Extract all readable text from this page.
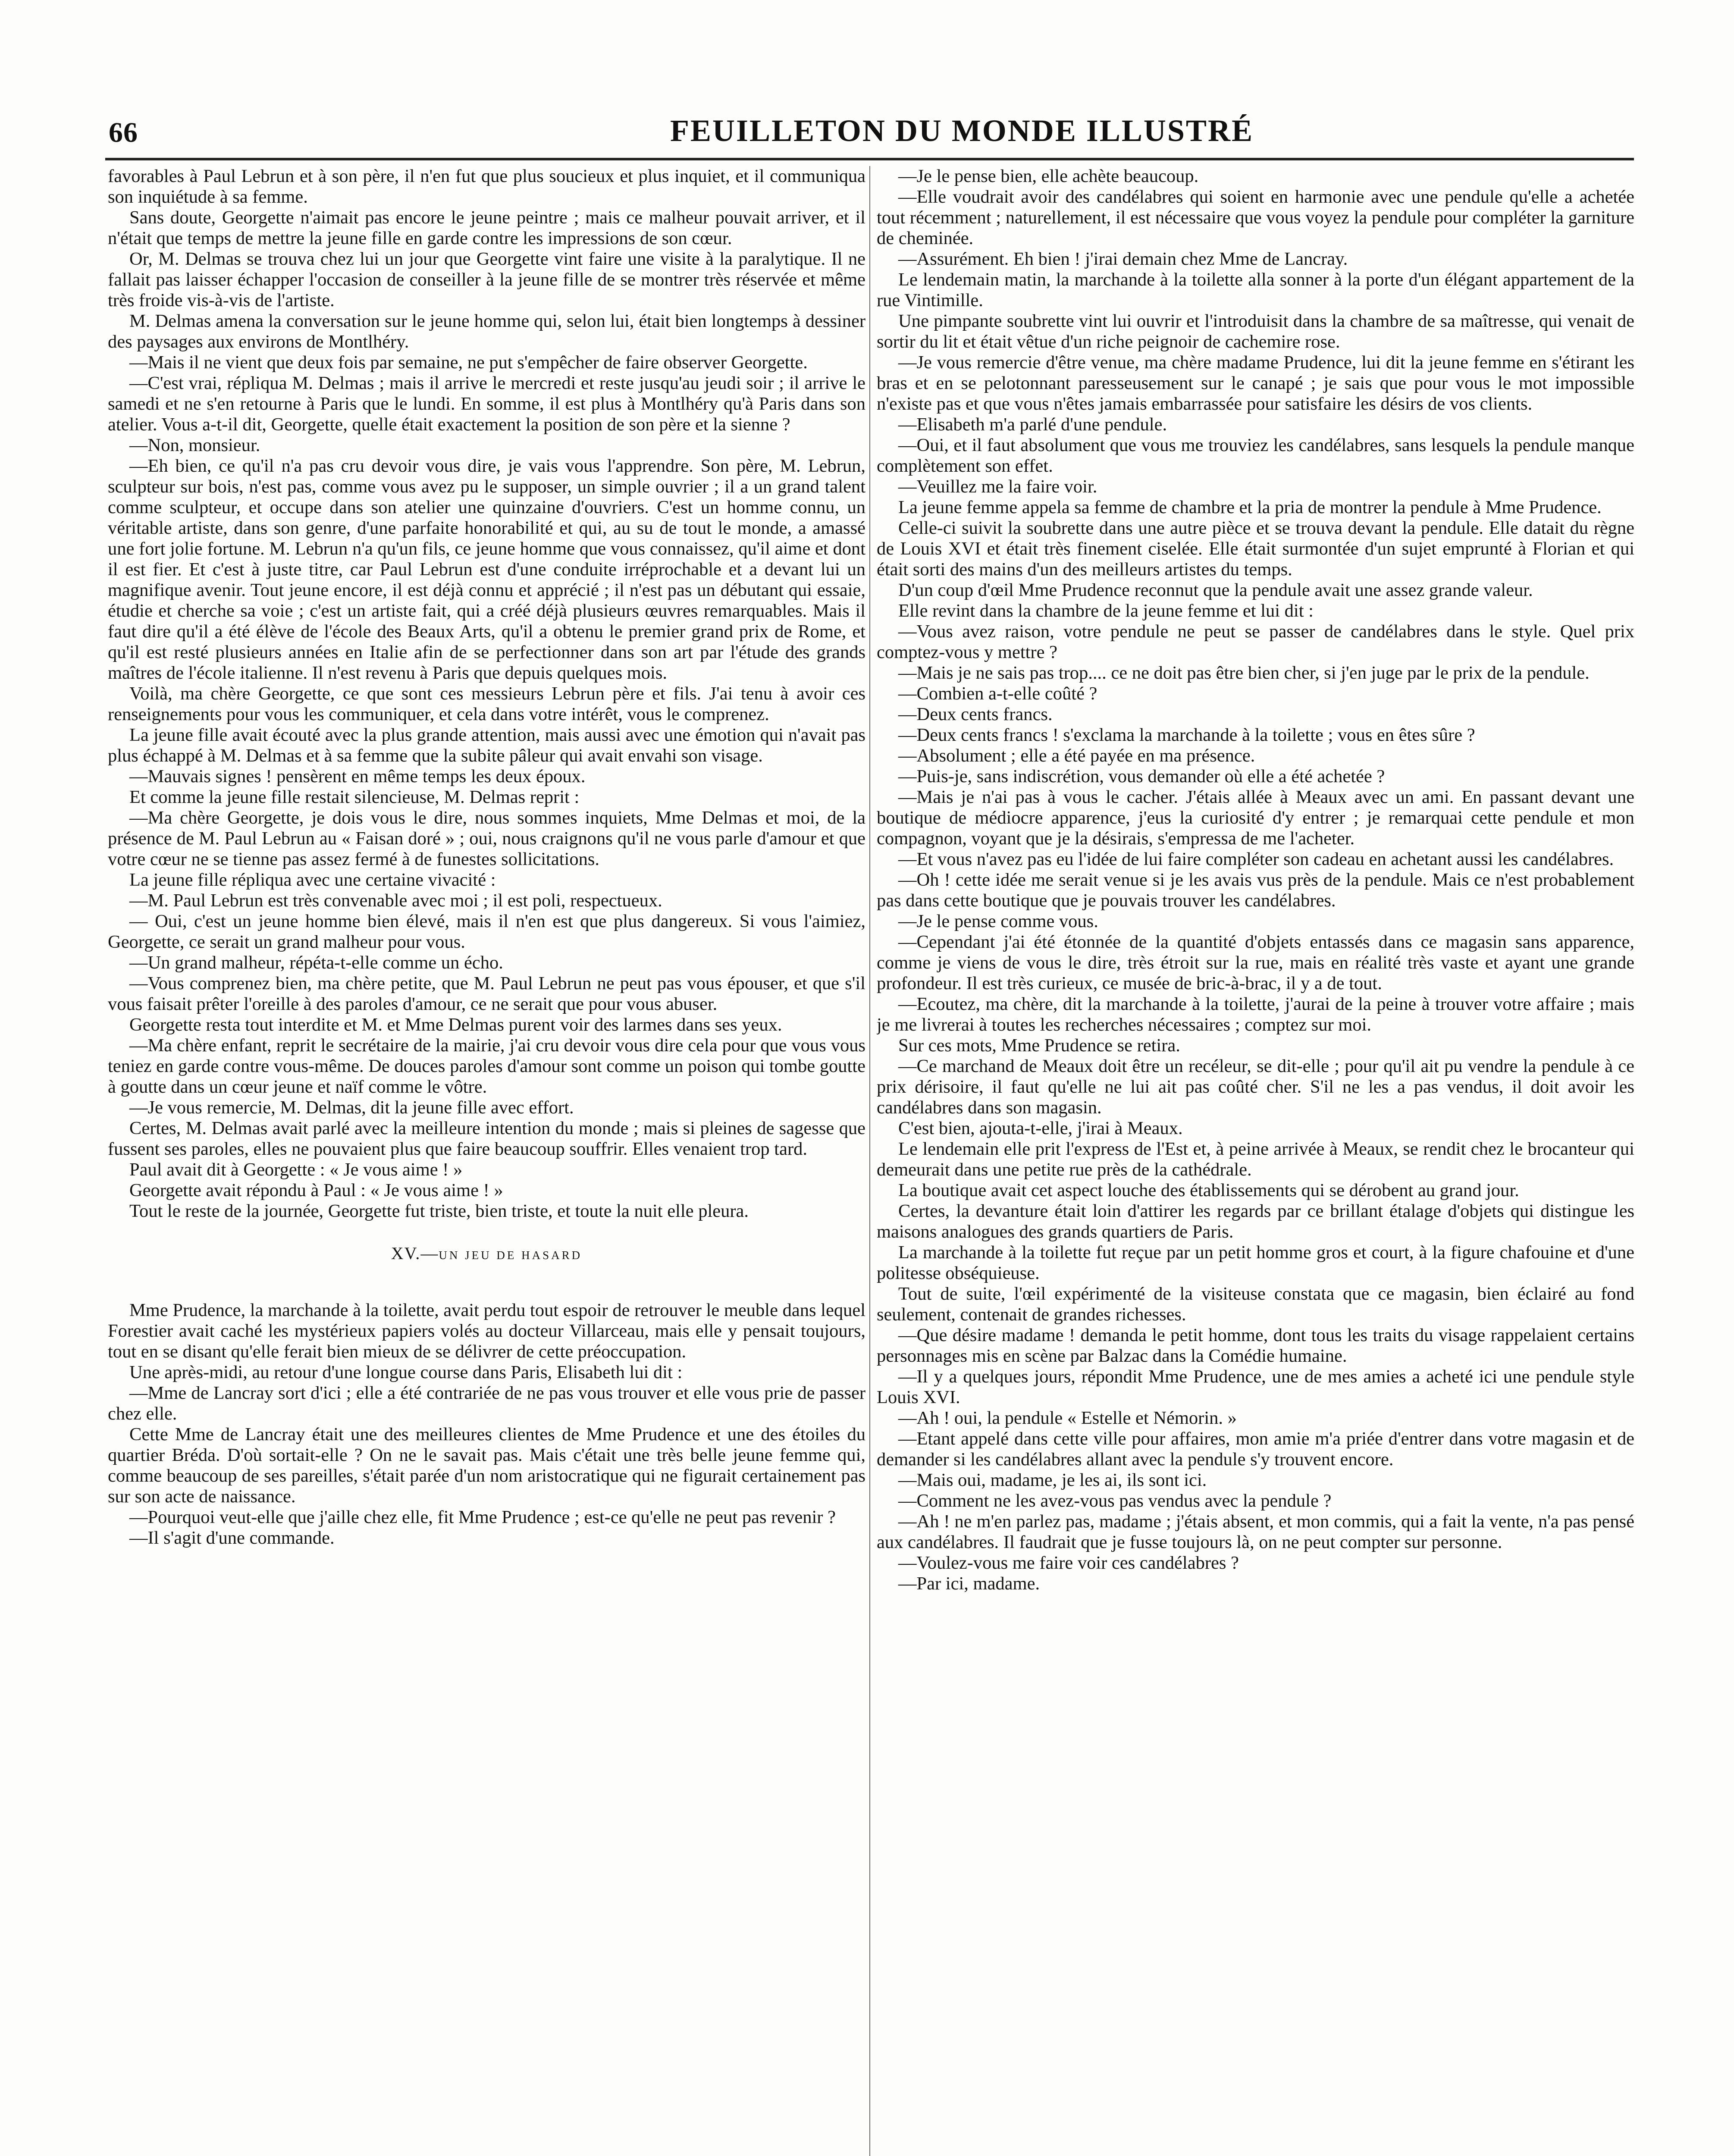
66	FEUILLETON DU MONDE ILLUSTRÉ

favorables à Paul Lebrun et à son père, il n'en fut que plus soucieux et plus inquiet, et il communiqua son inquiétude à sa femme.

Sans doute, Georgette n'aimait pas encore le jeune peintre ; mais ce malheur pouvait arriver, et il n'était que temps de mettre la jeune fille en garde contre les impressions de son cœur.

Or, M. Delmas se trouva chez lui un jour que Georgette vint faire une visite à la paralytique. Il ne fallait pas laisser échapper l'occasion de conseiller à la jeune fille de se montrer très réservée et même très froide vis-à-vis de l'artiste.

M. Delmas amena la conversation sur le jeune homme qui, selon lui, était bien longtemps à dessiner des paysages aux environs de Montlhéry.

—Mais il ne vient que deux fois par semaine, ne put s'empêcher de faire observer Georgette.

—C'est vrai, répliqua M. Delmas ; mais il arrive le mercredi et reste jusqu'au jeudi soir ; il arrive le samedi et ne s'en retourne à Paris que le lundi. En somme, il est plus à Montlhéry qu'à Paris dans son atelier. Vous a-t-il dit, Georgette, quelle était exactement la position de son père et la sienne ?

—Non, monsieur.

—Eh bien, ce qu'il n'a pas cru devoir vous dire, je vais vous l'apprendre. Son père, M. Lebrun, sculpteur sur bois, n'est pas, comme vous avez pu le supposer, un simple ouvrier ; il a un grand talent comme sculpteur, et occupe dans son atelier une quinzaine d'ouvriers. C'est un homme connu, un véritable artiste, dans son genre, d'une parfaite honorabilité et qui, au su de tout le monde, a amassé une fort jolie fortune. M. Lebrun n'a qu'un fils, ce jeune homme que vous connaissez, qu'il aime et dont il est fier. Et c'est à juste titre, car Paul Lebrun est d'une conduite irréprochable et a devant lui un magnifique avenir. Tout jeune encore, il est déjà connu et apprécié ; il n'est pas un débutant qui essaie, étudie et cherche sa voie ; c'est un artiste fait, qui a créé déjà plusieurs œuvres remarquables. Mais il faut dire qu'il a été élève de l'école des Beaux Arts, qu'il a obtenu le premier grand prix de Rome, et qu'il est resté plusieurs années en Italie afin de se perfectionner dans son art par l'étude des grands maîtres de l'école italienne. Il n'est revenu à Paris que depuis quelques mois.

Voilà, ma chère Georgette, ce que sont ces messieurs Lebrun père et fils. J'ai tenu à avoir ces renseignements pour vous les communiquer, et cela dans votre intérêt, vous le comprenez.

La jeune fille avait écouté avec la plus grande attention, mais aussi avec une émotion qui n'avait pas plus échappé à M. Delmas et à sa femme que la subite pâleur qui avait envahi son visage.

—Mauvais signes ! pensèrent en même temps les deux époux.

Et comme la jeune fille restait silencieuse, M. Delmas reprit :

—Ma chère Georgette, je dois vous le dire, nous sommes inquiets, Mme Delmas et moi, de la présence de M. Paul Lebrun au « Faisan doré » ; oui, nous craignons qu'il ne vous parle d'amour et que votre cœur ne se tienne pas assez fermé à de funestes sollicitations.

La jeune fille répliqua avec une certaine vivacité :

—M. Paul Lebrun est très convenable avec moi ; il est poli, respectueux.

— Oui, c'est un jeune homme bien élevé, mais il n'en est que plus dangereux. Si vous l'aimiez, Georgette, ce serait un grand malheur pour vous.

—Un grand malheur, répéta-t-elle comme un écho.

—Vous comprenez bien, ma chère petite, que M. Paul Lebrun ne peut pas vous épouser, et que s'il vous faisait prêter l'oreille à des paroles d'amour, ce ne serait que pour vous abuser.

Georgette resta tout interdite et M. et Mme Delmas purent voir des larmes dans ses yeux.

—Ma chère enfant, reprit le secrétaire de la mairie, j'ai cru devoir vous dire cela pour que vous vous teniez en garde contre vous-même. De douces paroles d'amour sont comme un poison qui tombe goutte à goutte dans un cœur jeune et naïf comme le vôtre.

—Je vous remercie, M. Delmas, dit la jeune fille avec effort.

Certes, M. Delmas avait parlé avec la meilleure intention du monde ; mais si pleines de sagesse que fussent ses paroles, elles ne pouvaient plus que faire beaucoup souffrir. Elles venaient trop tard.

Paul avait dit à Georgette : « Je vous aime ! »

Georgette avait répondu à Paul : « Je vous aime ! »

Tout le reste de la journée, Georgette fut triste, bien triste, et toute la nuit elle pleura.

XV.—UN JEU DE HASARD

Mme Prudence, la marchande à la toilette, avait perdu tout espoir de retrouver le meuble dans lequel Forestier avait caché les mystérieux papiers volés au docteur Villarceau, mais elle y pensait toujours, tout en se disant qu'elle ferait bien mieux de se délivrer de cette préoccupation.

Une après-midi, au retour d'une longue course dans Paris, Elisabeth lui dit :

—Mme de Lancray sort d'ici ; elle a été contrariée de ne pas vous trouver et elle vous prie de passer chez elle.

Cette Mme de Lancray était une des meilleures clientes de Mme Prudence et une des étoiles du quartier Bréda. D'où sortait-elle ? On ne le savait pas. Mais c'était une très belle jeune femme qui, comme beaucoup de ses pareilles, s'était parée d'un nom aristocratique qui ne figurait certainement pas sur son acte de naissance.

—Pourquoi veut-elle que j'aille chez elle, fit Mme Prudence ; est-ce qu'elle ne peut pas revenir ?

—Il s'agit d'une commande.

—Je le pense bien, elle achète beaucoup.

—Elle voudrait avoir des candélabres qui soient en harmonie avec une pendule qu'elle a achetée tout récemment ; naturellement, il est nécessaire que vous voyez la pendule pour compléter la garniture de cheminée.

—Assurément. Eh bien ! j'irai demain chez Mme de Lancray.

Le lendemain matin, la marchande à la toilette alla sonner à la porte d'un élégant appartement de la rue Vintimille.

Une pimpante soubrette vint lui ouvrir et l'introduisit dans la chambre de sa maîtresse, qui venait de sortir du lit et était vêtue d'un riche peignoir de cachemire rose.

—Je vous remercie d'être venue, ma chère madame Prudence, lui dit la jeune femme en s'étirant les bras et en se pelotonnant paresseusement sur le canapé ; je sais que pour vous le mot impossible n'existe pas et que vous n'êtes jamais embarrassée pour satisfaire les désirs de vos clients.

—Elisabeth m'a parlé d'une pendule.

—Oui, et il faut absolument que vous me trouviez les candélabres, sans lesquels la pendule manque complètement son effet.

—Veuillez me la faire voir.

La jeune femme appela sa femme de chambre et la pria de montrer la pendule à Mme Prudence.

Celle-ci suivit la soubrette dans une autre pièce et se trouva devant la pendule. Elle datait du règne de Louis XVI et était très finement ciselée. Elle était surmontée d'un sujet emprunté à Florian et qui était sorti des mains d'un des meilleurs artistes du temps.

D'un coup d'œil Mme Prudence reconnut que la pendule avait une assez grande valeur.

Elle revint dans la chambre de la jeune femme et lui dit :

—Vous avez raison, votre pendule ne peut se passer de candélabres dans le style. Quel prix comptez-vous y mettre ?

—Mais je ne sais pas trop.... ce ne doit pas être bien cher, si j'en juge par le prix de la pendule.

—Combien a-t-elle coûté ?

—Deux cents francs.

—Deux cents francs ! s'exclama la marchande à la toilette ; vous en êtes sûre ?

—Absolument ; elle a été payée en ma présence.

—Puis-je, sans indiscrétion, vous demander où elle a été achetée ?

—Mais je n'ai pas à vous le cacher. J'étais allée à Meaux avec un ami. En passant devant une boutique de médiocre apparence, j'eus la curiosité d'y entrer ; je remarquai cette pendule et mon compagnon, voyant que je la désirais, s'empressa de me l'acheter.

—Et vous n'avez pas eu l'idée de lui faire compléter son cadeau en achetant aussi les candélabres.

—Oh ! cette idée me serait venue si je les avais vus près de la pendule. Mais ce n'est probablement pas dans cette boutique que je pouvais trouver les candélabres.

—Je le pense comme vous.

—Cependant j'ai été étonnée de la quantité d'objets entassés dans ce magasin sans apparence, comme je viens de vous le dire, très étroit sur la rue, mais en réalité très vaste et ayant une grande profondeur. Il est très curieux, ce musée de bric-à-brac, il y a de tout.

—Ecoutez, ma chère, dit la marchande à la toilette, j'aurai de la peine à trouver votre affaire ; mais je me livrerai à toutes les recherches nécessaires ; comptez sur moi.

Sur ces mots, Mme Prudence se retira.

—Ce marchand de Meaux doit être un recéleur, se dit-elle ; pour qu'il ait pu vendre la pendule à ce prix dérisoire, il faut qu'elle ne lui ait pas coûté cher. S'il ne les a pas vendus, il doit avoir les candélabres dans son magasin.

C'est bien, ajouta-t-elle, j'irai à Meaux.

Le lendemain elle prit l'express de l'Est et, à peine arrivée à Meaux, se rendit chez le brocanteur qui demeurait dans une petite rue près de la cathédrale.

La boutique avait cet aspect louche des établissements qui se dérobent au grand jour.

Certes, la devanture était loin d'attirer les regards par ce brillant étalage d'objets qui distingue les maisons analogues des grands quartiers de Paris.

La marchande à la toilette fut reçue par un petit homme gros et court, à la figure chafouine et d'une politesse obséquieuse.

Tout de suite, l'œil expérimenté de la visiteuse constata que ce magasin, bien éclairé au fond seulement, contenait de grandes richesses.

—Que désire madame ! demanda le petit homme, dont tous les traits du visage rappelaient certains personnages mis en scène par Balzac dans la Comédie humaine.

—Il y a quelques jours, répondit Mme Prudence, une de mes amies a acheté ici une pendule style Louis XVI.

—Ah ! oui, la pendule « Estelle et Némorin. »

—Etant appelé dans cette ville pour affaires, mon amie m'a priée d'entrer dans votre magasin et de demander si les candélabres allant avec la pendule s'y trouvent encore.

—Mais oui, madame, je les ai, ils sont ici.

—Comment ne les avez-vous pas vendus avec la pendule ?

—Ah ! ne m'en parlez pas, madame ; j'étais absent, et mon commis, qui a fait la vente, n'a pas pensé aux candélabres. Il faudrait que je fusse toujours là, on ne peut compter sur personne.

—Voulez-vous me faire voir ces candélabres ?

—Par ici, madame.
